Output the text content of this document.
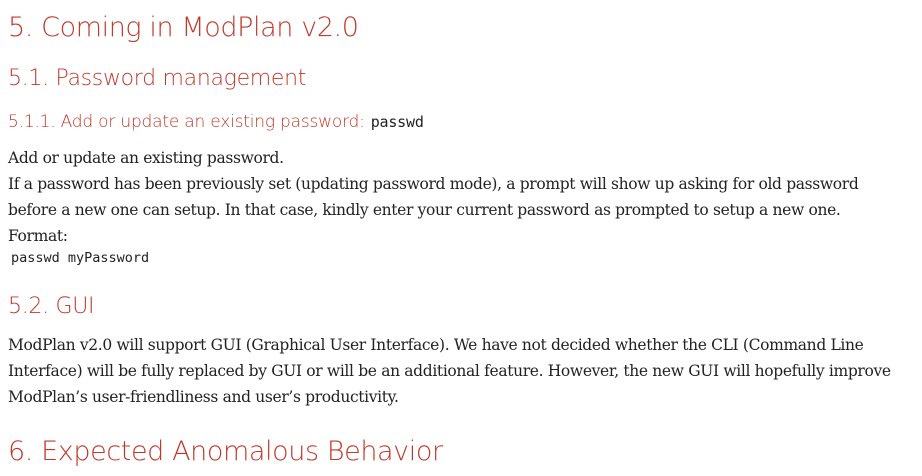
5. Coming in ModPlan v2.0
5.1. Password management
5.1.1. Add or update an existing password: passwd
Add or update an existing password.
If a password has been previously set (updating password mode), a prompt will show up asking for old password
before a new one can setup. In that case, kindly enter your current password as prompted to setup a new one.
Format:
passwd myPassword
5.2. GUI
ModPlan v2.0 will support GUI (Graphical User Interface). We have not decided whether the CLI (Command Line
Interface) will be fully replaced by GUI or will be an additional feature. However, the new GUI will hopefully improve
ModPlan’s user-friendliness and user’s productivity.
6. Expected Anomalous Behavior
